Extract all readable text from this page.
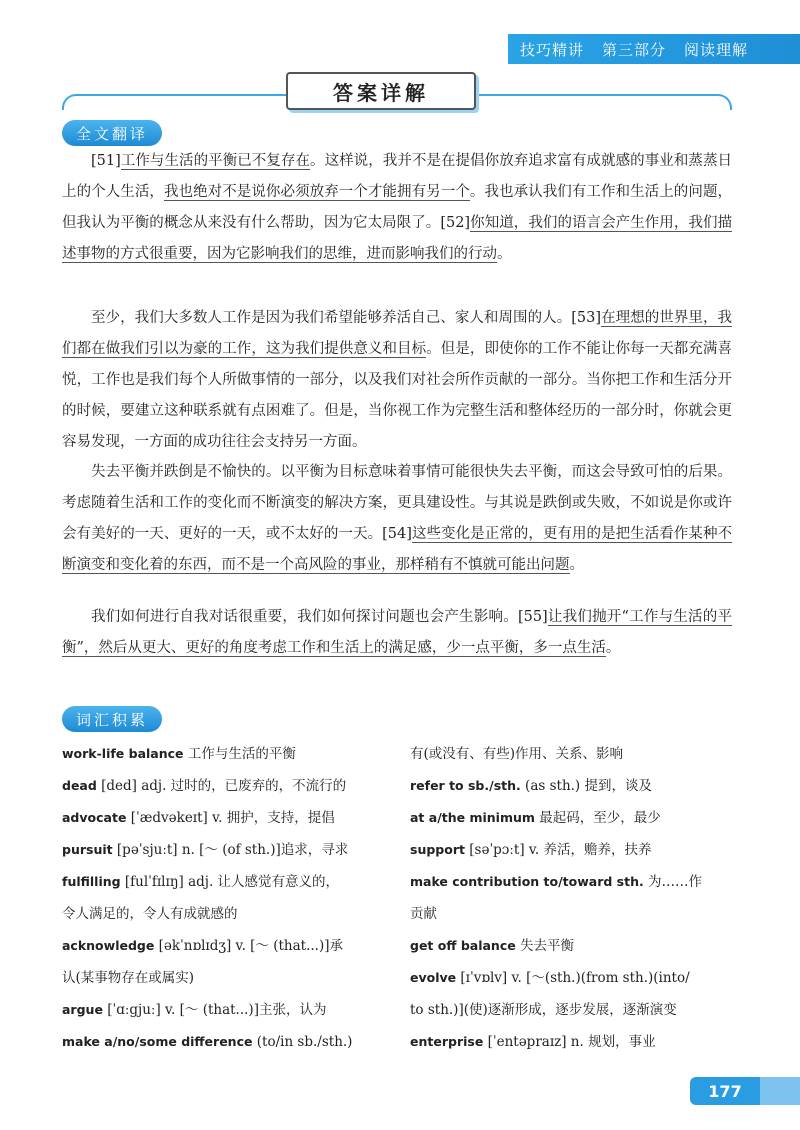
技巧精讲 第三部分 阅读理解
答案详解
全文翻译

[51]工作与生活的平衡已不复存在。这样说，我并不是在提倡你放弃追求富有成就感的事业和蒸蒸日上的个人生活，我也绝对不是说你必须放弃一个才能拥有另一个。我也承认我们有工作和生活上的问题，但我认为平衡的概念从来没有什么帮助，因为它太局限了。[52]你知道，我们的语言会产生作用，我们描述事物的方式很重要，因为它影响我们的思维，进而影响我们的行动。

至少，我们大多数人工作是因为我们希望能够养活自己、家人和周围的人。[53]在理想的世界里，我们都在做我们引以为豪的工作，这为我们提供意义和目标。但是，即使你的工作不能让你每一天都充满喜悦，工作也是我们每个人所做事情的一部分，以及我们对社会所作贡献的一部分。当你把工作和生活分开的时候，要建立这种联系就有点困难了。但是，当你视工作为完整生活和整体经历的一部分时，你就会更容易发现，一方面的成功往往会支持另一方面。

失去平衡并跌倒是不愉快的。以平衡为目标意味着事情可能很快失去平衡，而这会导致可怕的后果。考虑随着生活和工作的变化而不断演变的解决方案，更具建设性。与其说是跌倒或失败，不如说是你或许会有美好的一天、更好的一天，或不太好的一天。[54]这些变化是正常的，更有用的是把生活看作某种不断演变和变化着的东西，而不是一个高风险的事业，那样稍有不慎就可能出问题。

我们如何进行自我对话很重要，我们如何探讨问题也会产生影响。[55]让我们抛开“工作与生活的平衡”，然后从更大、更好的角度考虑工作和生活上的满足感，少一点平衡，多一点生活。

词汇积累
work-life balance 工作与生活的平衡
dead [ded] adj. 过时的，已废弃的，不流行的
advocate [ˈædvəkeɪt] v. 拥护，支持，提倡
pursuit [pəˈsjuːt] n. [～ (of sth.)]追求，寻求
fulfilling [fulˈfɪlɪŋ] adj. 让人感觉有意义的，
令人满足的，令人有成就感的
acknowledge [əkˈnɒlɪdʒ] v. [～ (that...)]承
认(某事物存在或属实)
argue [ˈɑːgjuː] v. [～ (that...)]主张，认为
make a/no/some difference (to/in sb./sth.)
有(或没有、有些)作用、关系、影响
refer to sb./sth. (as sth.) 提到，谈及
at a/the minimum 最起码，至少，最少
support [səˈpɔːt] v. 养活，赡养，扶养
make contribution to/toward sth. 为……作
贡献
get off balance 失去平衡
evolve [ɪˈvɒlv] v. [～(sth.)(from sth.)(into/
to sth.)](使)逐渐形成，逐步发展，逐渐演变
enterprise [ˈentəpraɪz] n. 规划，事业
177
